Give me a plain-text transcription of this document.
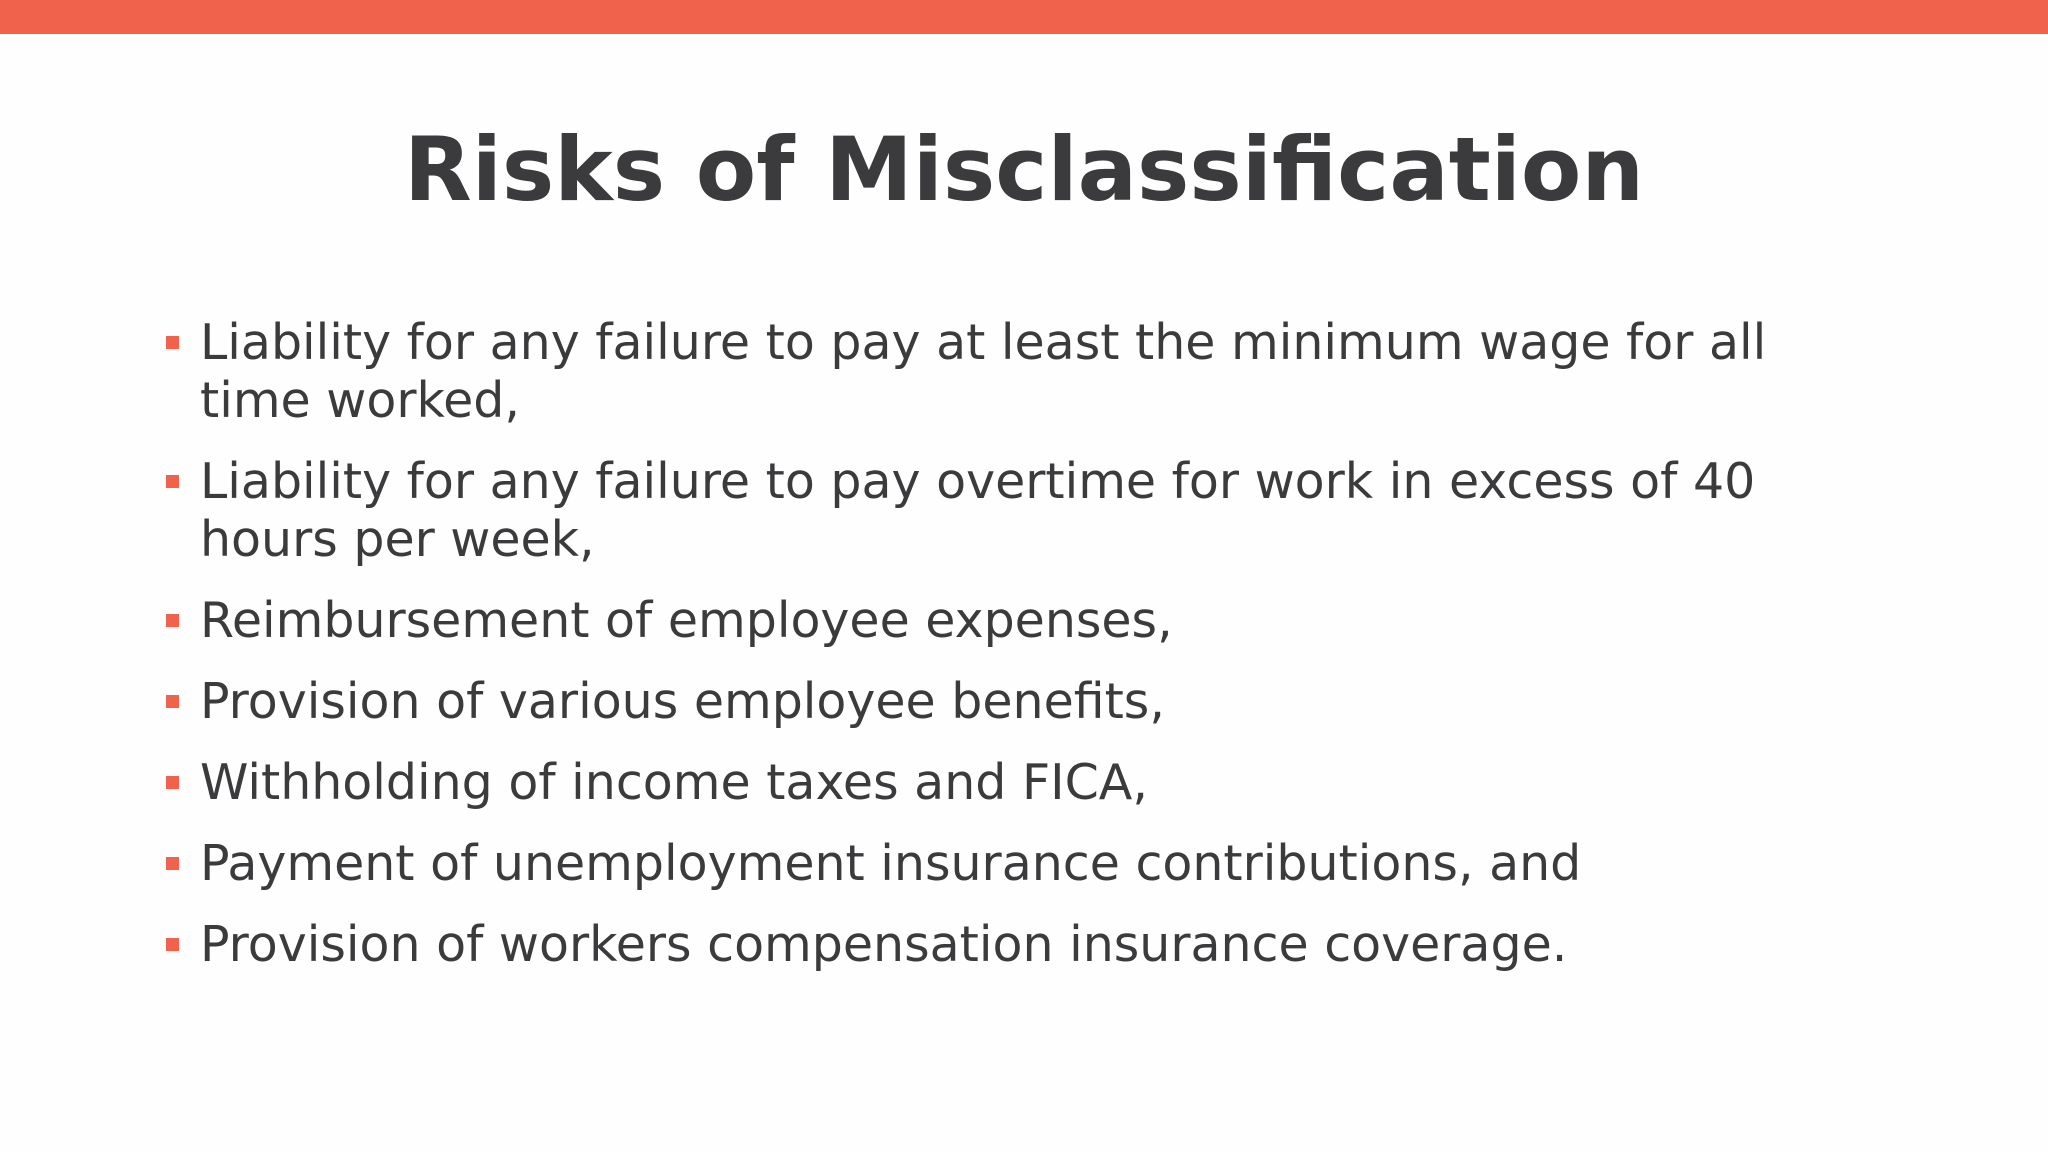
Risks of Misclassification
Liability for any failure to pay at least the minimum wage for all time worked,
Liability for any failure to pay overtime for work in excess of 40 hours per week,
Reimbursement of employee expenses,
Provision of various employee benefits,
Withholding of income taxes and FICA,
Payment of unemployment insurance contributions, and
Provision of workers compensation insurance coverage.
